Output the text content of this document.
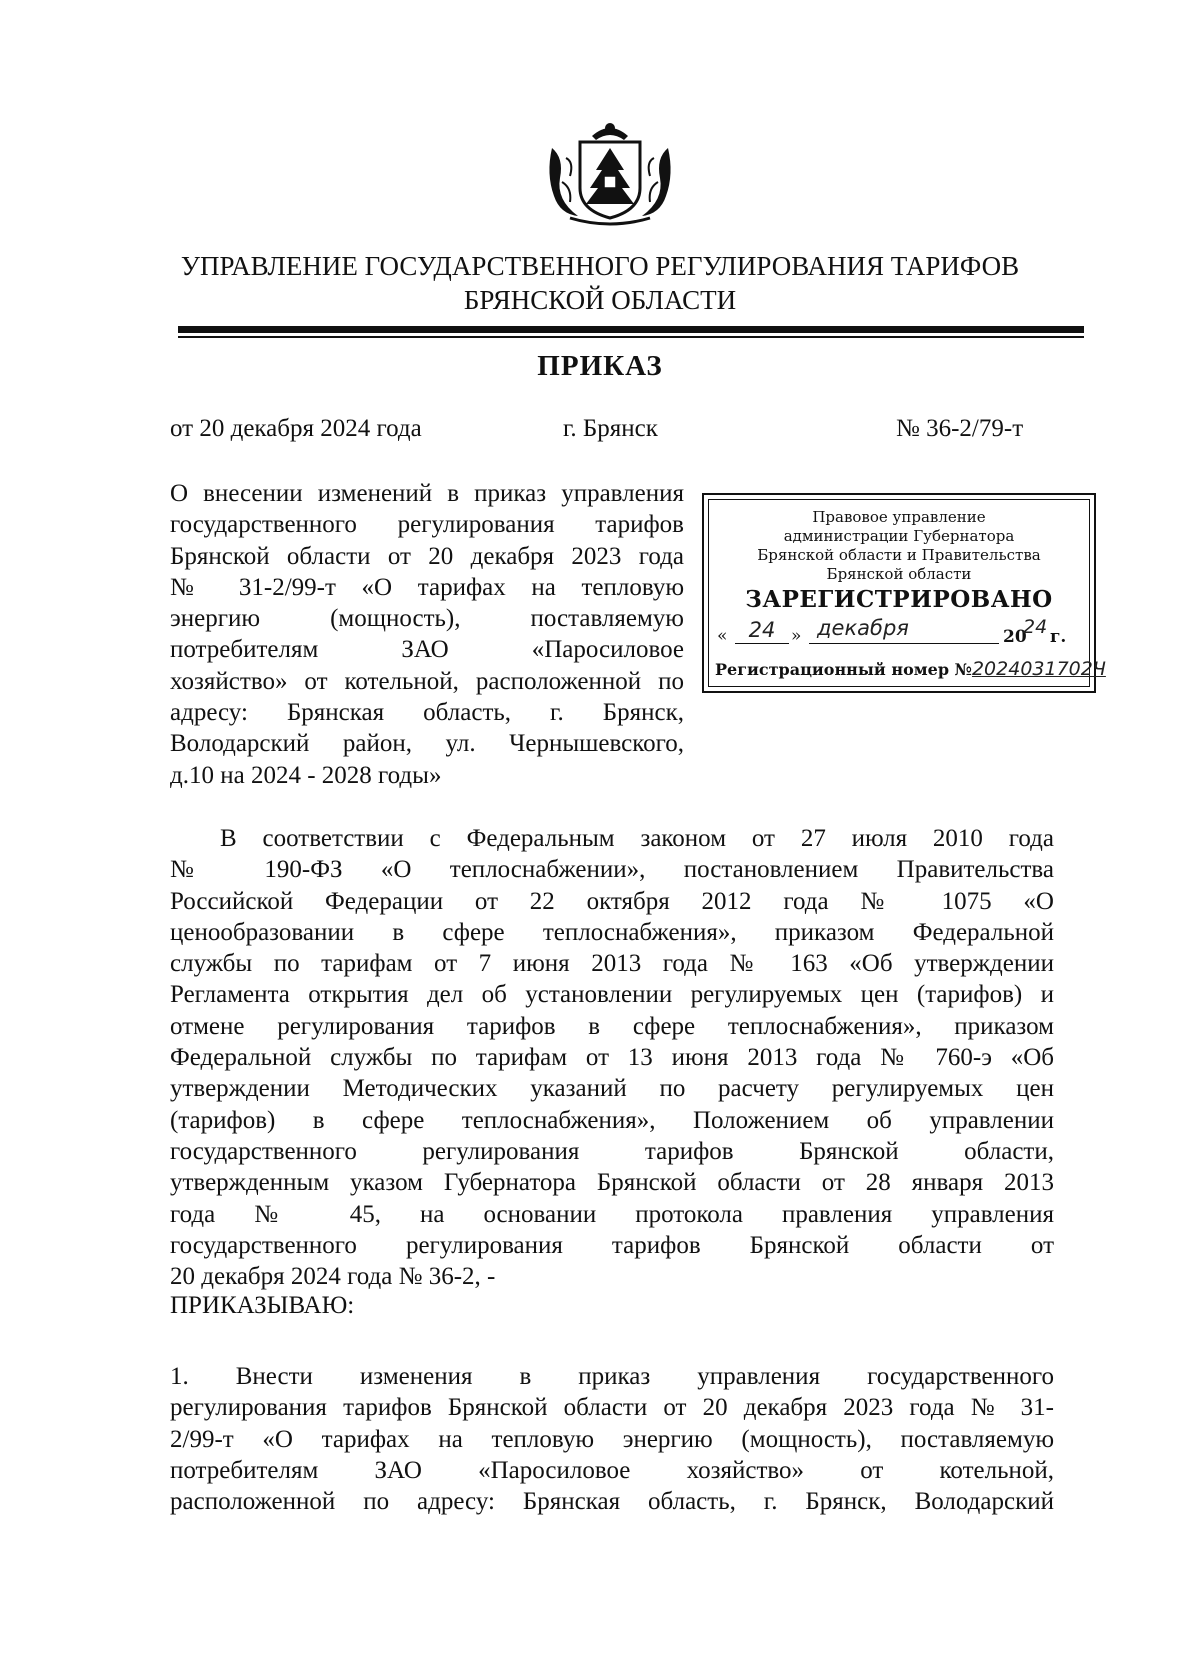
УПРАВЛЕНИЕ ГОСУДАРСТВЕННОГО РЕГУЛИРОВАНИЯ ТАРИФОВ
БРЯНСКОЙ ОБЛАСТИ
ПРИКАЗ
от 20 декабря 2024 года	г. Брянск	№ 36-2/79-т
О внесении изменений в приказ управления
государственного регулирования тарифов
Брянской области от 20 декабря 2023 года
№ 31-2/99-т «О тарифах на тепловую
энергию (мощность), поставляемую
потребителям ЗАО «Паросиловое
хозяйство» от котельной, расположенной по
адресу: Брянская область, г. Брянск,
Володарский район, ул. Чернышевского,
д.10 на 2024 - 2028 годы»
Правовое управление
администрации Губернатора
Брянской области и Правительства
Брянской области
ЗАРЕГИСТРИРОВАНО
«	24 » декабря	20
24 г.
Регистрационный номер №2024031702Ч
В соответствии с Федеральным законом от 27 июля 2010 года
№ 190-ФЗ «О теплоснабжении», постановлением Правительства
Российской Федерации от 22 октября 2012 года № 1075 «О
ценообразовании в сфере теплоснабжения», приказом Федеральной
службы по тарифам от 7 июня 2013 года № 163 «Об утверждении
Регламента открытия дел об установлении регулируемых цен (тарифов) и
отмене регулирования тарифов в сфере теплоснабжения», приказом
Федеральной службы по тарифам от 13 июня 2013 года № 760-э «Об
утверждении Методических указаний по расчету регулируемых цен
(тарифов) в сфере теплоснабжения», Положением об управлении
государственного регулирования тарифов Брянской области,
утвержденным указом Губернатора Брянской области от 28 января 2013
года № 45, на основании протокола правления управления
государственного регулирования тарифов Брянской области от
20 декабря 2024 года № 36-2, -
ПРИКАЗЫВАЮ:
1. Внести изменения в приказ управления государственного
регулирования тарифов Брянской области от 20 декабря 2023 года № 31-
2/99-т «О тарифах на тепловую энергию (мощность), поставляемую
потребителям ЗАО «Паросиловое хозяйство» от котельной,
расположенной по адресу: Брянская область, г. Брянск, Володарский
